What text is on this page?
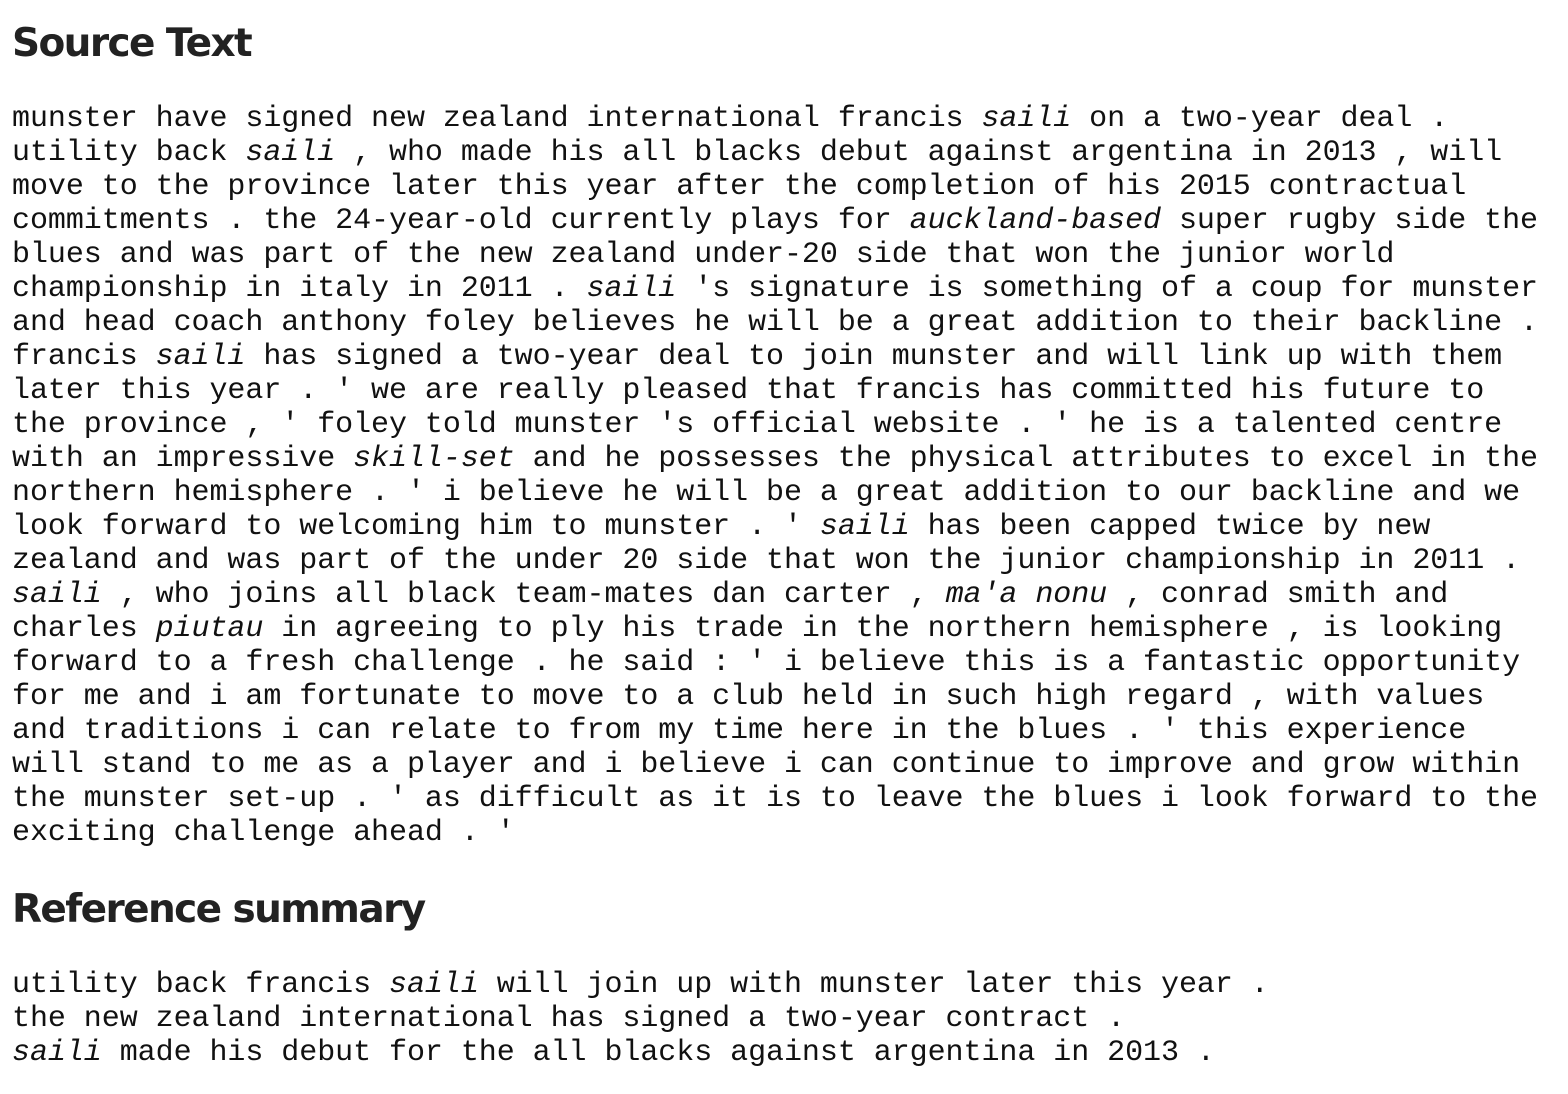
Source Text
munster have signed new zealand international francis saili on a two-year deal .
utility back saili , who made his all blacks debut against argentina in 2013 , will
move to the province later this year after the completion of his 2015 contractual
commitments . the 24-year-old currently plays for auckland-based super rugby side the
blues and was part of the new zealand under-20 side that won the junior world
championship in italy in 2011 . saili 's signature is something of a coup for munster
and head coach anthony foley believes he will be a great addition to their backline .
francis saili has signed a two-year deal to join munster and will link up with them
later this year . ' we are really pleased that francis has committed his future to
the province , ' foley told munster 's official website . ' he is a talented centre
with an impressive skill-set and he possesses the physical attributes to excel in the
northern hemisphere . ' i believe he will be a great addition to our backline and we
look forward to welcoming him to munster . ' saili has been capped twice by new
zealand and was part of the under 20 side that won the junior championship in 2011 .
saili , who joins all black team-mates dan carter , ma'a nonu , conrad smith and
charles piutau in agreeing to ply his trade in the northern hemisphere , is looking
forward to a fresh challenge . he said : ' i believe this is a fantastic opportunity
for me and i am fortunate to move to a club held in such high regard , with values
and traditions i can relate to from my time here in the blues . ' this experience
will stand to me as a player and i believe i can continue to improve and grow within
the munster set-up . ' as difficult as it is to leave the blues i look forward to the
exciting challenge ahead . '
Reference summary
utility back francis saili will join up with munster later this year .
the new zealand international has signed a two-year contract .
saili made his debut for the all blacks against argentina in 2013 .
